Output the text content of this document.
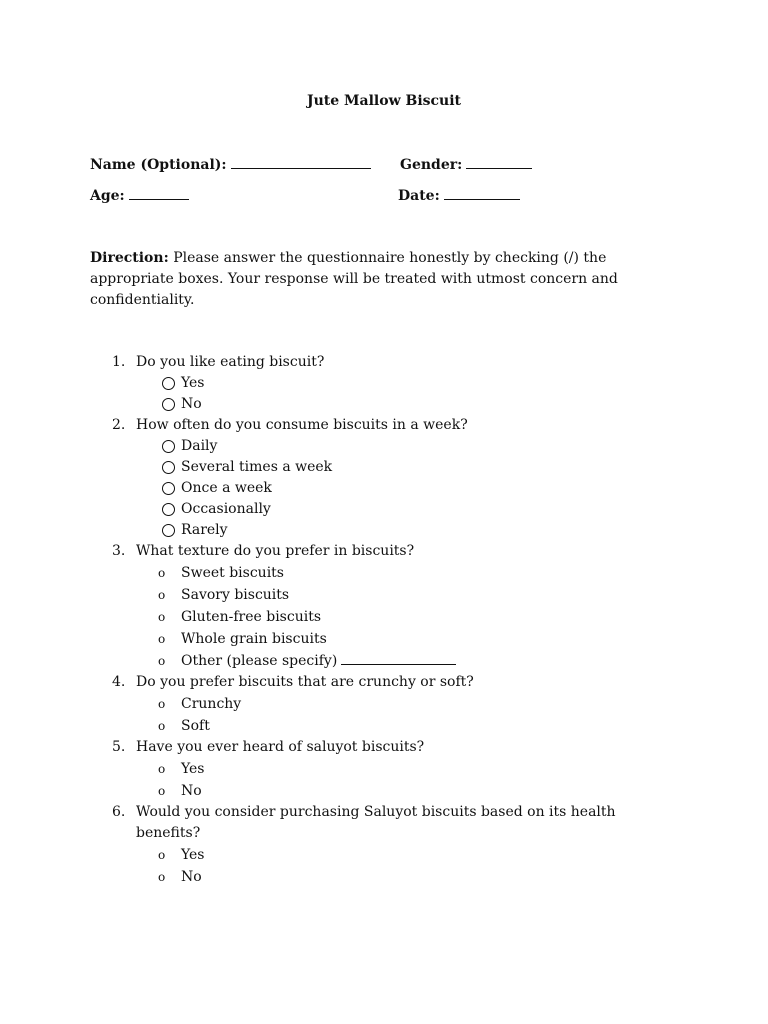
Jute Mallow Biscuit
Name (Optional):	Gender:
Age:	Date:
Direction: Please answer the questionnaire honestly by checking (/) the appropriate boxes. Your response will be treated with utmost concern and confidentiality.
1. Do you like eating biscuit?
Yes
No
2. How often do you consume biscuits in a week?
Daily
Several times a week
Once a week
Occasionally
Rarely
3. What texture do you prefer in biscuits?
o Sweet biscuits
o Savory biscuits
o Gluten-free biscuits
o Whole grain biscuits
o Other (please specify)
4. Do you prefer biscuits that are crunchy or soft?
o Crunchy
o Soft
5. Have you ever heard of saluyot biscuits?
o Yes
o No
6. Would you consider purchasing Saluyot biscuits based on its health benefits?
o Yes
o No
